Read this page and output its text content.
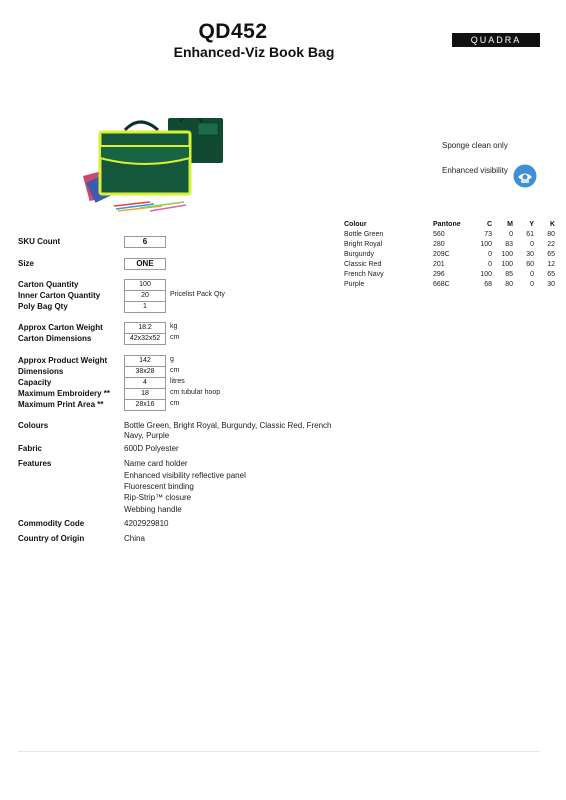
QD452
Enhanced-Viz Book Bag
QUADRA
Sponge clean only
Enhanced visibility
Colour	Pantone	C		M		Y		K
Bottle Green	560	73		0		61		80
Bright Royal	280	100		83		0		22
Burgundy	209C	0		100		30		65
Classic Red	201	0		100		60		12
French Navy	296	100		85		0		65
Purple	668C	68		80		0		30
SKU Count	6
Size	ONE
Carton Quantity	100
Inner Carton Quantity	20	Pricelist Pack Qty
Poly Bag Qty	1
Approx Carton Weight	18.2	kg
Carton Dimensions	42x32x52	cm
Approx Product Weight	142	g
Dimensions	38x28	cm
Capacity	4	litres
Maximum Embroidery **	18	cm tubular hoop
Maximum Print Area **	28x16	cm
Colours	Bottle Green, Bright Royal, Burgundy, Classic Red, French Navy, Purple
Fabric	600D Polyester
Features	Name card holder
Enhanced visibility reflective panel
Fluorescent binding
Rip-Strip™ closure
Webbing handle
Commodity Code	4202929810
Country of Origin	China
